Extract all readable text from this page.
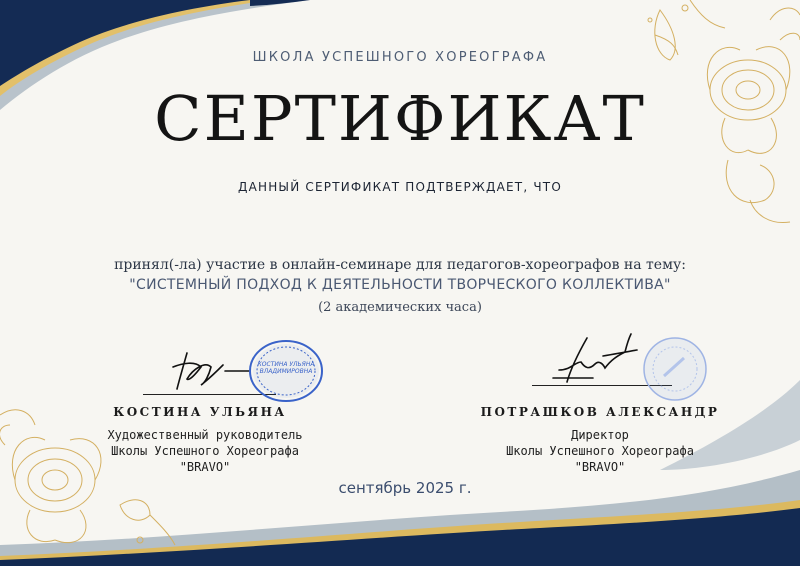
ШКОЛА УСПЕШНОГО ХОРЕОГРАФА
СЕРТИФИКАТ
ДАННЫЙ СЕРТИФИКАТ ПОДТВЕРЖДАЕТ, ЧТО
принял(-ла) участие в онлайн-семинаре для педагогов-хореографов на тему:
"СИСТЕМНЫЙ ПОДХОД К ДЕЯТЕЛЬНОСТИ ТВОРЧЕСКОГО КОЛЛЕКТИВА"
(2 академических часа)
КОСТИНА УЛЬЯНА ВЛАДИМИРОВНА
КОСТИНА УЛЬЯНА
Художественный руководитель
Школы Успешного Хореографа
"BRAVO"
ПОТРАШКОВ АЛЕКСАНДР
Директор
Школы Успешного Хореографа
"BRAVO"
сентябрь 2025 г.
